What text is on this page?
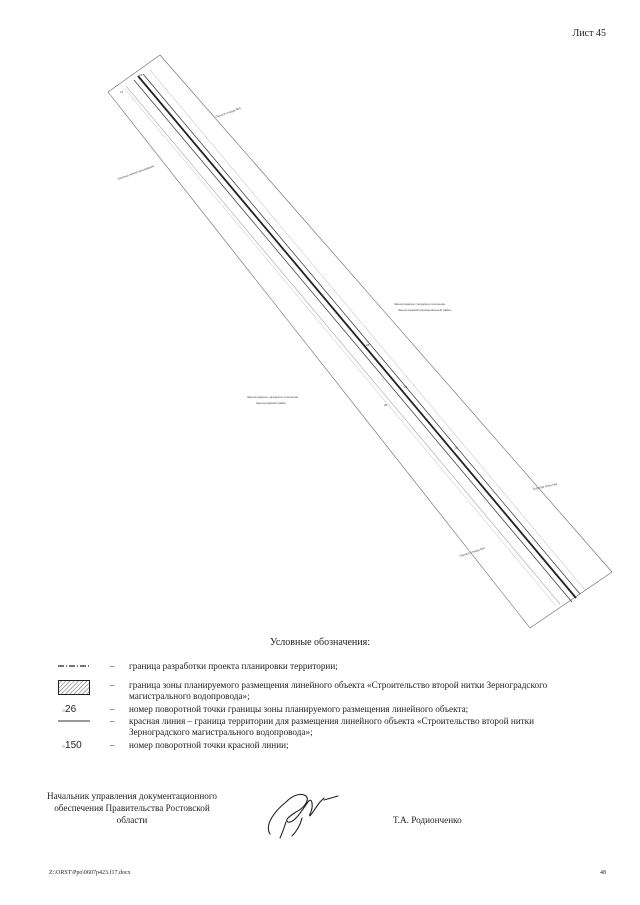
Лист 45
Полоса отвода №4
Граница землепользования
Зерноградское городское поселение
Зерноградский муниципальный район
Зерноградское городское поселение
Зерноградский район
Граница зоны №4
Полоса отвода №4
26
27
28
29
30
31
Условные обозначения:
– граница разработки проекта планировки территории;
– граница зоны планируемого размещения линейного объекта «Строительство второй нитки Зерноградского магистрального водопровода»;
○26	– номер поворотной точки границы зоны планируемого размещения линейного объекта;
– красная линия – граница территории для размещения линейного объекта «Строительство второй нитки Зерноградского магистрального водопровода»;
○150	– номер поворотной точки красной линии;
Начальник управления документационного обеспечения Правительства Ростовской области	Т.А. Родионченко
Z:\ORST\Ppo\0607p423.f17.docx	48
